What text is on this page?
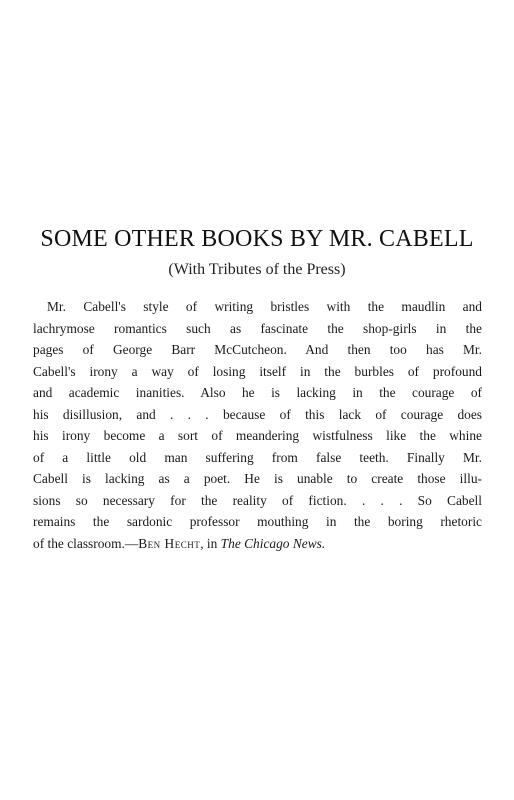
SOME OTHER BOOKS BY MR. CABELL
(With Tributes of the Press)
Mr. Cabell's style of writing bristles with the maudlin and
lachrymose romantics such as fascinate the shop-girls in the
pages of George Barr McCutcheon. And then too has Mr.
Cabell's irony a way of losing itself in the burbles of profound
and academic inanities. Also he is lacking in the courage of
his disillusion, and . . . because of this lack of courage does
his irony become a sort of meandering wistfulness like the whine
of a little old man suffering from false teeth. Finally Mr.
Cabell is lacking as a poet. He is unable to create those illu-
sions so necessary for the reality of fiction. . . . So Cabell
remains the sardonic professor mouthing in the boring rhetoric
of the classroom.—Ben Hecht, in The Chicago News.
